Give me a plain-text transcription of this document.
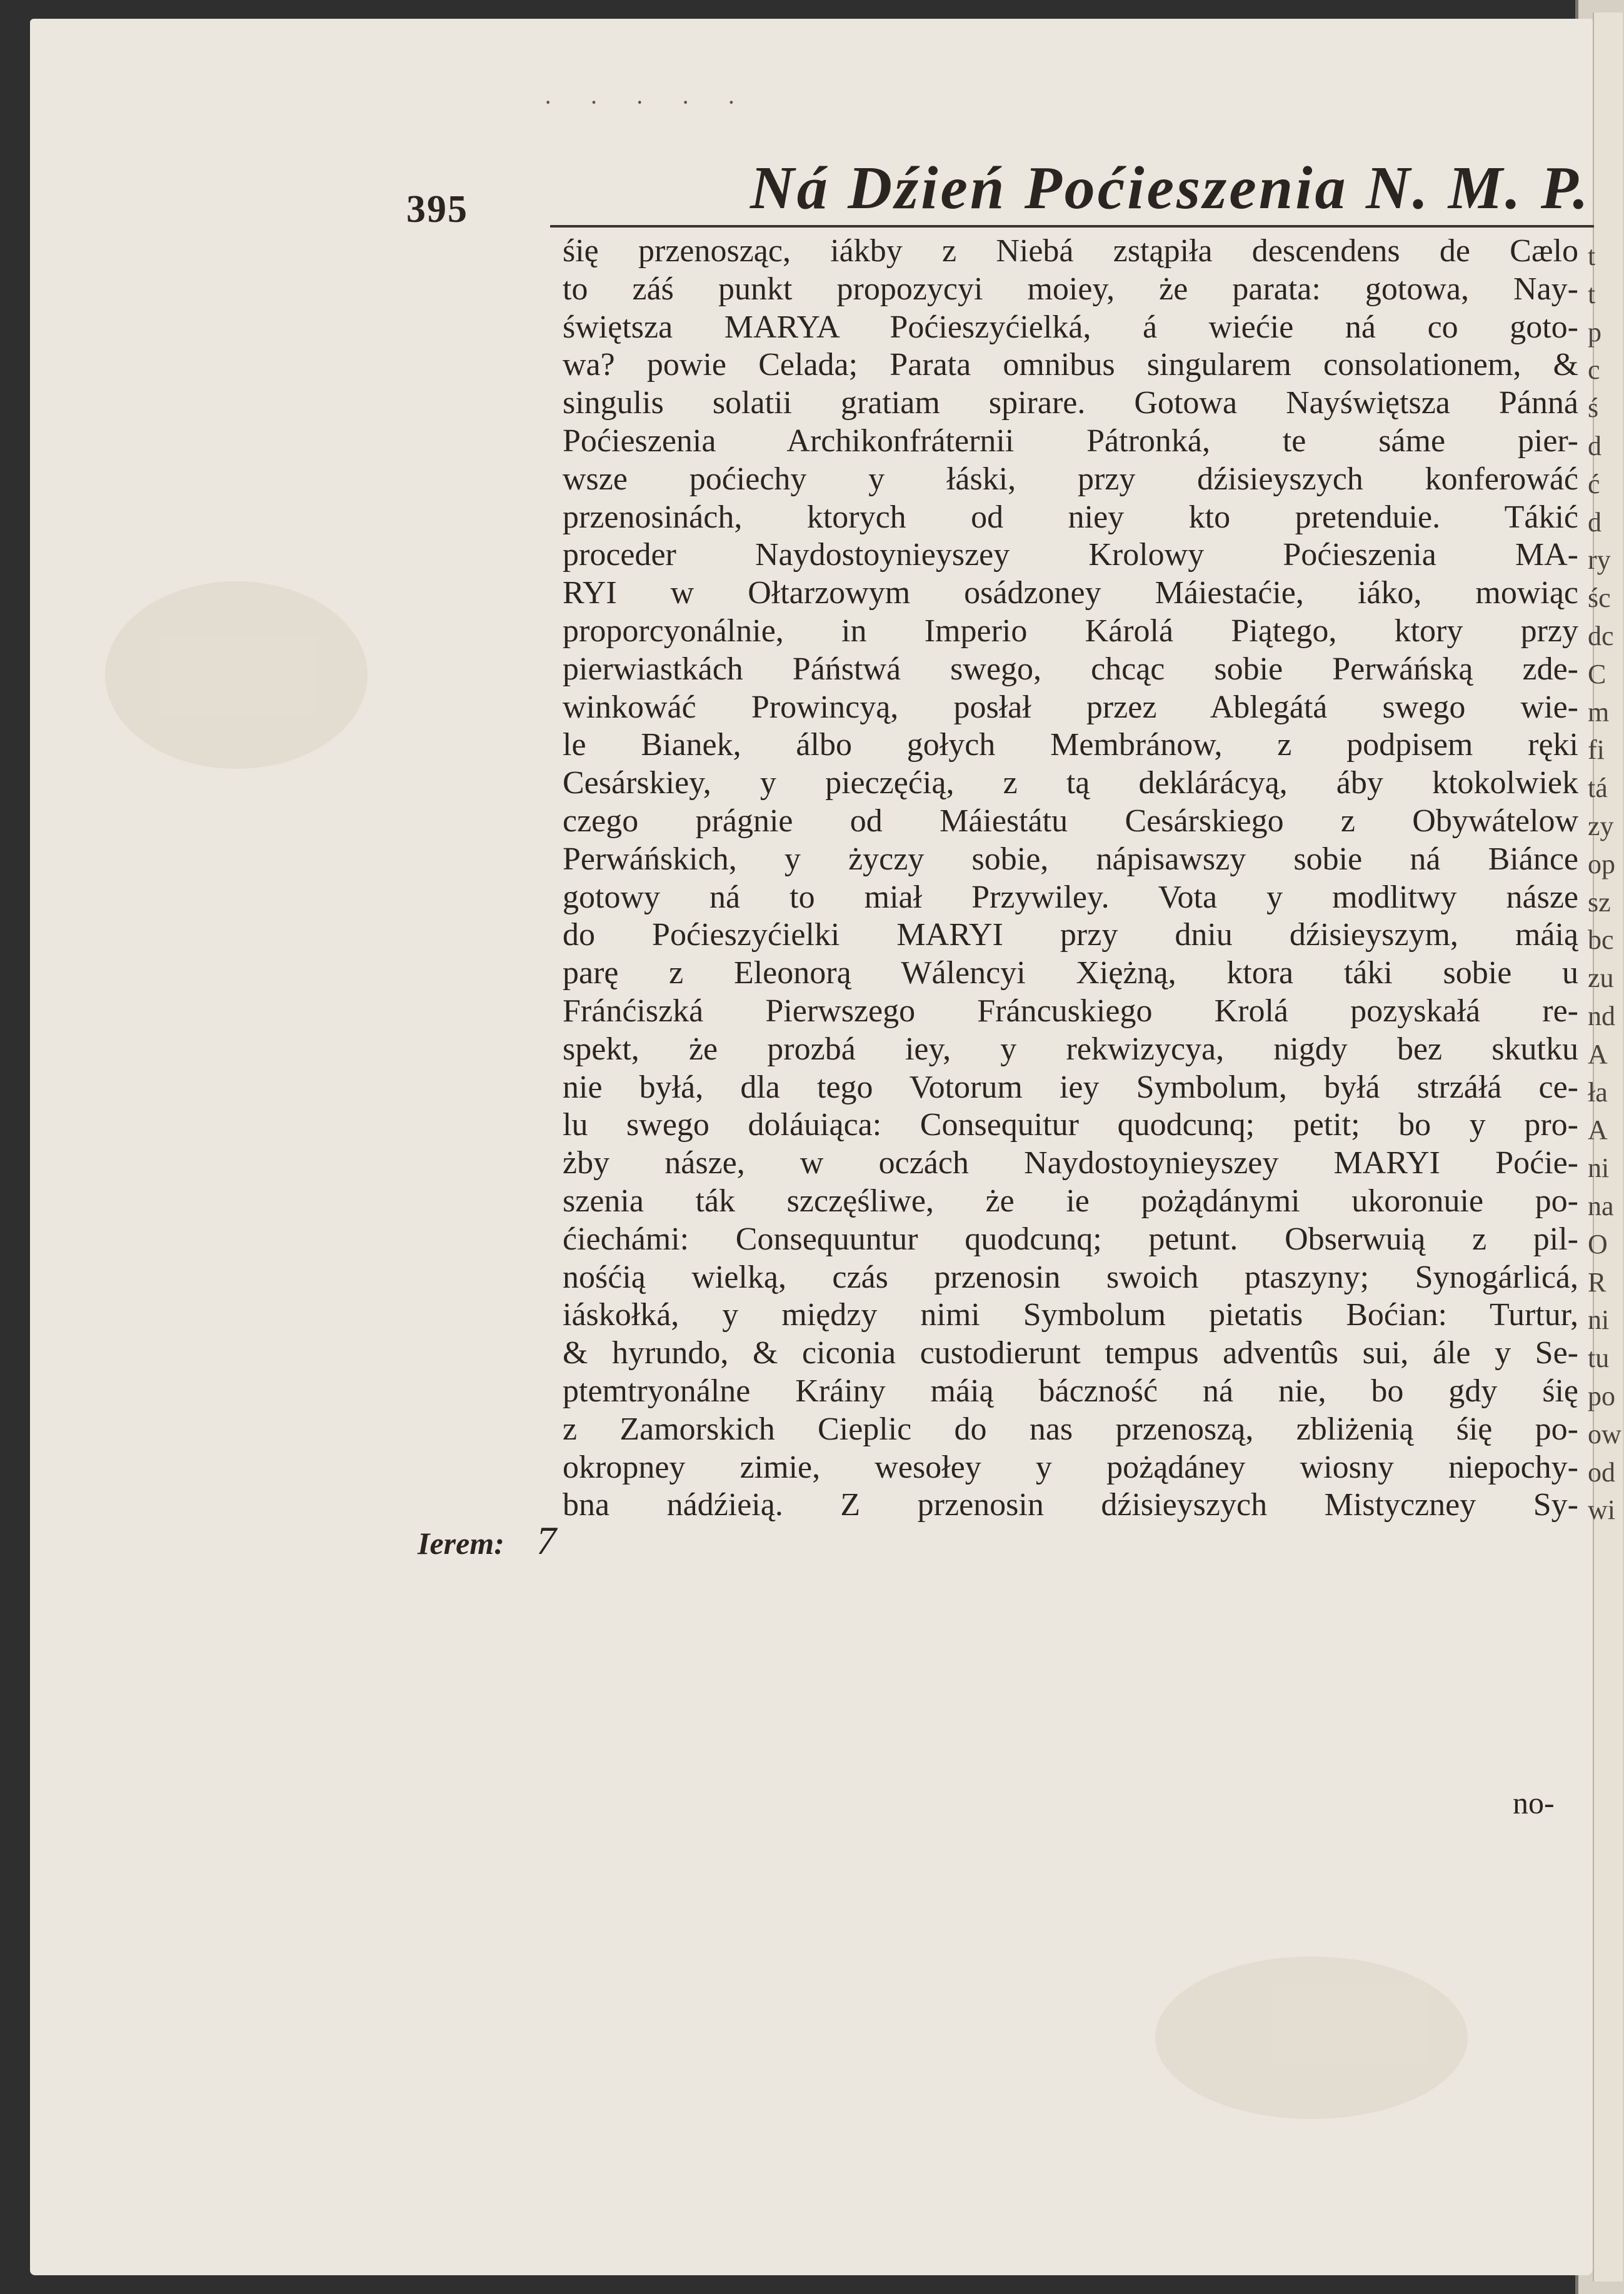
·····
395	Ná Dźień Poćieszenia N. M. P.
Ierem: 7
śię przenosząc, iákby z Niebá zstąpiła descendens de Cælo
to záś punkt propozycyi moiey, że parata: gotowa, Nay-
świętsza MARYA Poćieszyćielká, á wiećie ná co goto-
wa? powie Celada; Parata omnibus singularem consolationem, &
singulis solatii gratiam spirare. Gotowa Nayświętsza Pánná
Poćieszenia Archikonfráternii Pátronká, te sáme pier-
wsze poćiechy y łáski, przy dźisieyszych konferowáć
przenosinách, ktorych od niey kto pretenduie. Tákić
proceder Naydostoynieyszey Krolowy Poćieszenia MA-
RYI w Ołtarzowym osádzoney Máiestaćie, iáko, mowiąc
proporcyonálnie, in Imperio Károlá Piątego, ktory przy
pierwiastkách Páństwá swego, chcąc sobie Perwáńską zde-
winkowáć Prowincyą, posłał przez Ablegátá swego wie-
le Bianek, álbo gołych Membránow, z podpisem ręki
Cesárskiey, y pieczęćią, z tą deklárácyą, áby ktokolwiek
czego prágnie od Máiestátu Cesárskiego z Obywátelow
Perwáńskich, y życzy sobie, nápisawszy sobie ná Biánce
gotowy ná to miał Przywiley. Vota y modlitwy násze
do Poćieszyćielki MARYI przy dniu dźisieyszym, máią
parę z Eleonorą Wálencyi Xiężną, ktora táki sobie u
Fránćiszká Pierwszego Fráncuskiego Krolá pozyskałá re-
spekt, że prozbá iey, y rekwizycya, nigdy bez skutku
nie byłá, dla tego Votorum iey Symbolum, byłá strzáłá ce-
lu swego doláuiąca: Consequitur quodcunq; petit; bo y pro-
żby násze, w oczách Naydostoynieyszey MARYI Poćie-
szenia ták szczęśliwe, że ie pożądánymi ukoronuie po-
ćiechámi: Consequuntur quodcunq; petunt. Obserwuią z pil-
nośćią wielką, czás przenosin swoich ptaszyny; Synogárlicá,
iáskołká, y między nimi Symbolum pietatis Boćian: Turtur,
& hyrundo, & ciconia custodierunt tempus adventûs sui, ále y Se-
ptemtryonálne Kráiny máią báczność ná nie, bo gdy śię
z Zamorskich Cieplic do nas przenoszą, zbliżenią śię po-
okropney zimie, wesołey y pożądáney wiosny niepochy-
bna nádźieią. Z przenosin dźisieyszych Mistyczney Sy-
no-
t
t
p
c
ś
d
ć
d
ry
śc
dc
C
m
fi
tá
zy
op
sz
bc
zu
nd
A
ła
A
ni
na
O
R
ni
tu
po
ow
od
wi
